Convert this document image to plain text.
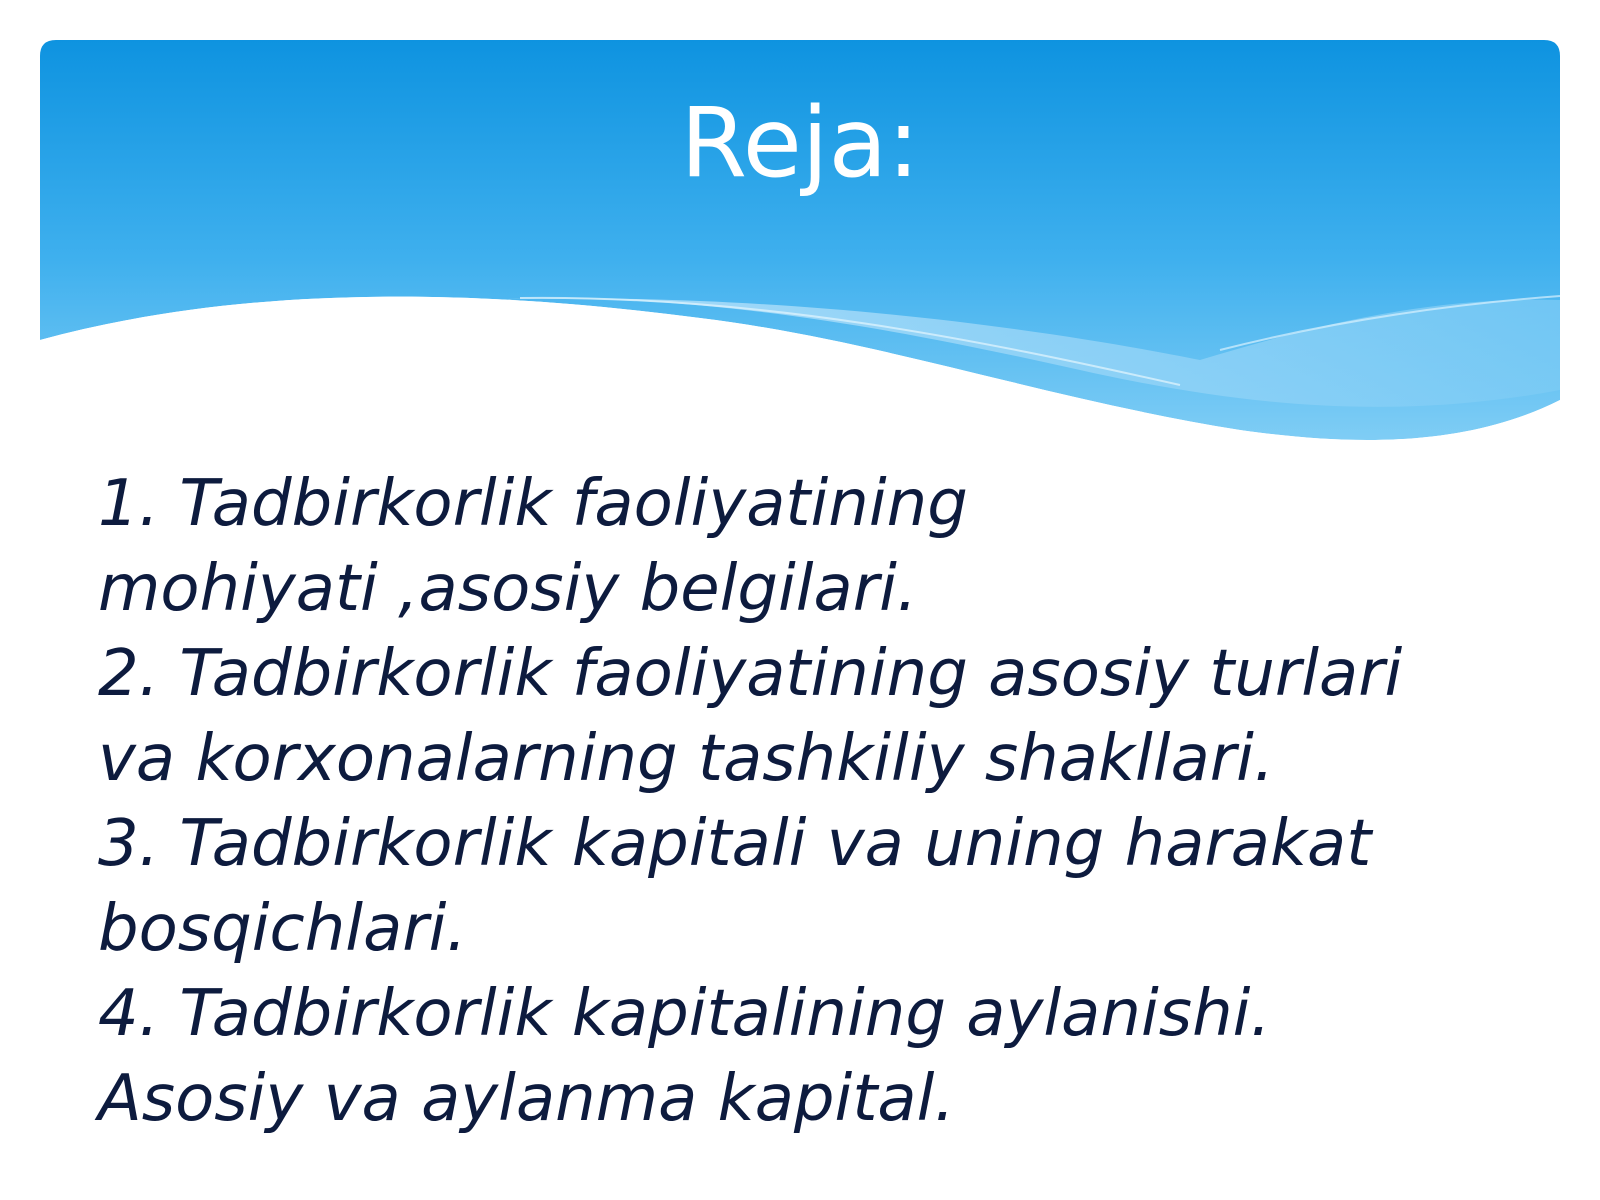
Reja:
1. Tadbirkorlik faoliyatining
mohiyati ,asosiy belgilari.
2. Tadbirkorlik faoliyatining asosiy turlari
va korxonalarning tashkiliy shakllari.
3. Tadbirkorlik kapitali va uning harakat
bosqichlari.
4. Tadbirkorlik kapitalining aylanishi.
Asosiy va aylanma kapital.
